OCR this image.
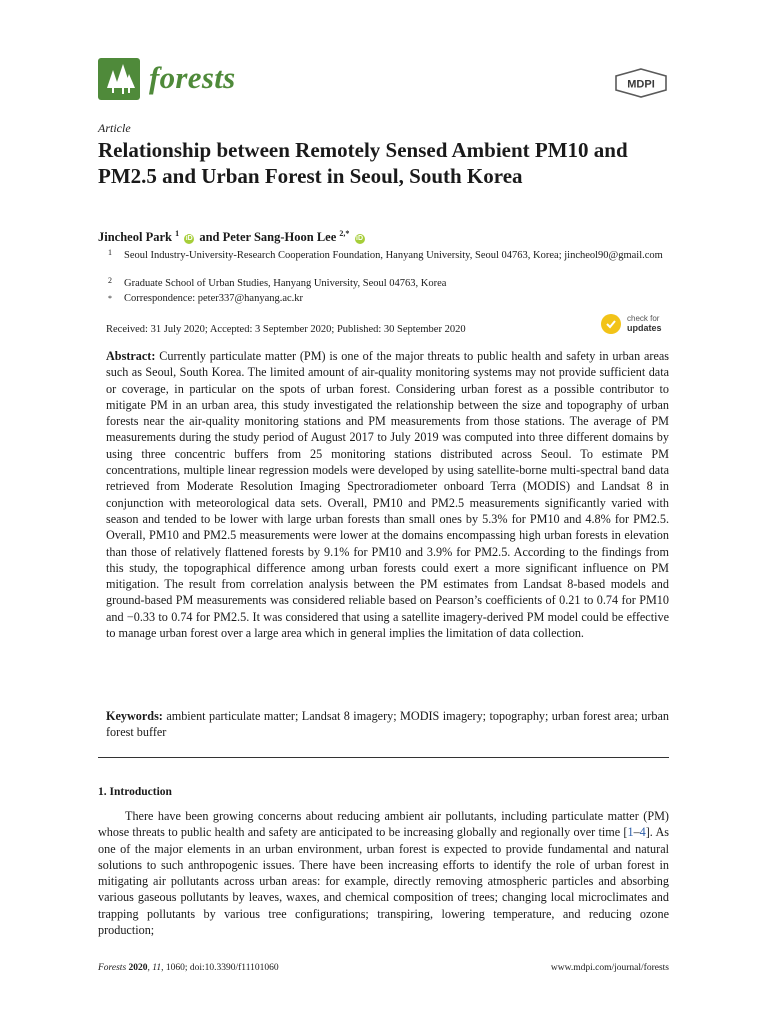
forests	MDPI
Article
Relationship between Remotely Sensed Ambient PM10 and PM2.5 and Urban Forest in Seoul, South Korea
Jincheol Park $^1$ iD and Peter Sang-Hoon Lee $^{2,*}$ iD
1 Seoul Industry-University-Research Cooperation Foundation, Hanyang University, Seoul 04763, Korea; jincheol90@gmail.com
2 Graduate School of Urban Studies, Hanyang University, Seoul 04763, Korea
* Correspondence: peter337@hanyang.ac.kr
Received: 31 July 2020; Accepted: 3 September 2020; Published: 30 September 2020
check for
updates
Abstract: Currently particulate matter (PM) is one of the major threats to public health and safety in urban areas such as Seoul, South Korea. The limited amount of air-quality monitoring systems may not provide sufficient data or coverage, in particular on the spots of urban forest. Considering urban forest as a possible contributor to mitigate PM in an urban area, this study investigated the relationship between the size and topography of urban forests near the air-quality monitoring stations and PM measurements from those stations. The average of PM measurements during the study period of August 2017 to July 2019 was computed into three different domains by using three concentric buffers from 25 monitoring stations distributed across Seoul. To estimate PM concentrations, multiple linear regression models were developed by using satellite-borne multi-spectral band data retrieved from Moderate Resolution Imaging Spectroradiometer onboard Terra (MODIS) and Landsat 8 in conjunction with meteorological data sets. Overall, PM10 and PM2.5 measurements significantly varied with season and tended to be lower with large urban forests than small ones by 5.3% for PM10 and 4.8% for PM2.5. Overall, PM10 and PM2.5 measurements were lower at the domains encompassing high urban forests in elevation than those of relatively flattened forests by 9.1% for PM10 and 3.9% for PM2.5. According to the findings from this study, the topographical difference among urban forests could exert a more significant influence on PM mitigation. The result from correlation analysis between the PM estimates from Landsat 8-based models and ground-based PM measurements was considered reliable based on Pearson’s coefficients of 0.21 to 0.74 for PM10 and −0.33 to 0.74 for PM2.5. It was considered that using a satellite imagery-derived PM model could be effective to manage urban forest over a large area which in general implies the limitation of data collection.
Keywords: ambient particulate matter; Landsat 8 imagery; MODIS imagery; topography; urban forest area; urban forest buffer
1. Introduction
There have been growing concerns about reducing ambient air pollutants, including particulate matter (PM) whose threats to public health and safety are anticipated to be increasing globally and regionally over time [1–4]. As one of the major elements in an urban environment, urban forest is expected to provide fundamental and natural solutions to such anthropogenic issues. There have been increasing efforts to identify the role of urban forest in mitigating air pollutants across urban areas: for example, directly removing atmospheric particles and absorbing various gaseous pollutants by leaves, waxes, and chemical composition of trees; changing local microclimates and trapping pollutants by various tree configurations; transpiring, lowering temperature, and reducing ozone production;
Forests 2020, 11, 1060; doi:10.3390/f11101060	www.mdpi.com/journal/forests
